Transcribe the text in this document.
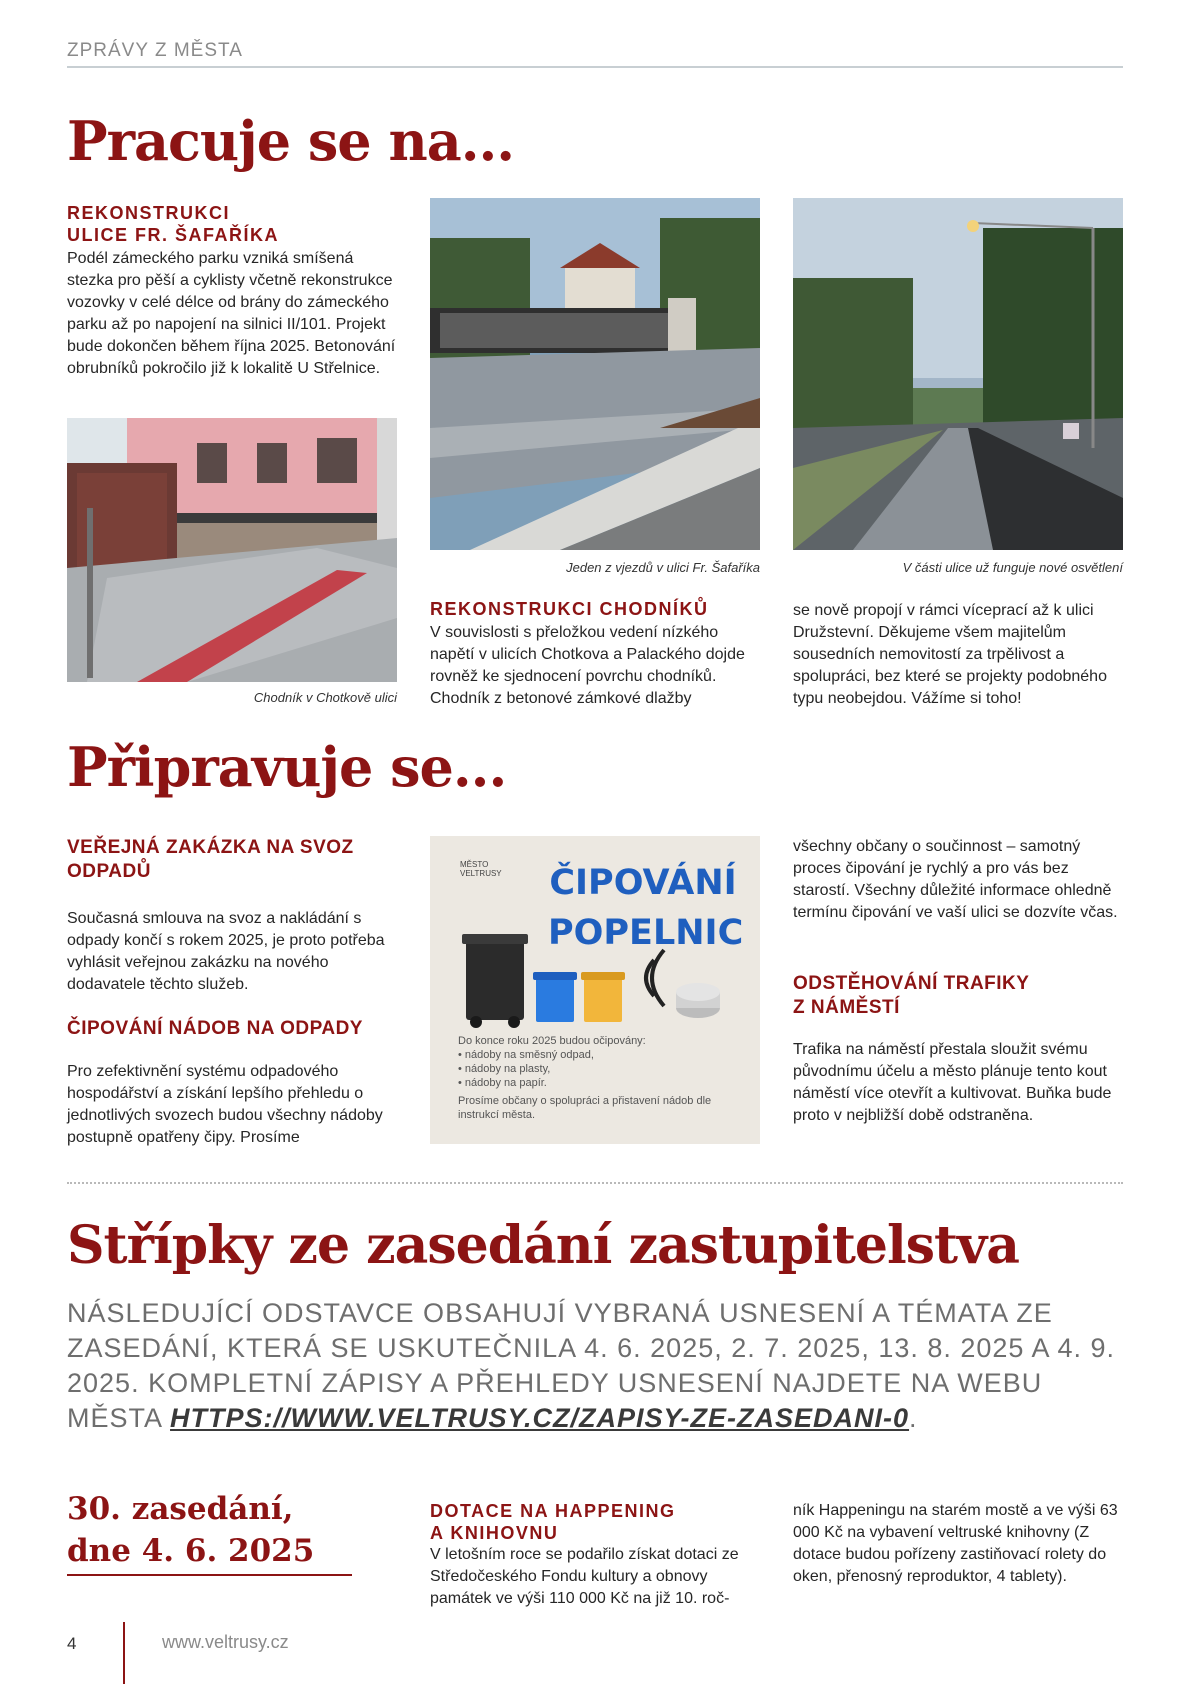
ZPRÁVY Z MĚSTA
Pracuje se na...
REKONSTRUKCI
ULICE FR. ŠAFAŘÍKA
Podél zámeckého parku vzniká smíšená stezka pro pěší a cyklisty včetně rekonstrukce vozovky v celé délce od brány do zámeckého parku až po napojení na silnici II/101. Projekt bude dokončen během října 2025. Betonování obrubníků pokročilo již k lokalitě U Střelnice.
Chodník v Chotkově ulici
Jeden z vjezdů v ulici Fr. Šafaříka	V části ulice už funguje nové osvětlení
REKONSTRUKCI CHODNÍKŮ
V souvislosti s přeložkou vedení nízkého napětí v ulicích Chotkova a Palackého dojde rovněž ke sjednocení povrchu chodníků. Chodník z betonové zámkové dlažby
se nově propojí v rámci víceprací až k ulici Družstevní. Děkujeme všem majitelům sousedních nemovitostí za trpělivost a spolupráci, bez které se projekty podobného typu neobejdou. Vážíme si toho!
Připravuje se...
VEŘEJNÁ ZAKÁZKA NA SVOZ
ODPADŮ
Současná smlouva na svoz a nakládání s odpady končí s rokem 2025, je proto potřeba vyhlásit veřejnou zakázku na nového dodavatele těchto služeb.
ČIPOVÁNÍ NÁDOB NA ODPADY
Pro zefektivnění systému odpadového hospodářství a získání lepšího přehledu o jednotlivých svozech budou všechny nádoby postupně opatřeny čipy. Prosíme
MĚSTO
VELTRUSY ČIPOVÁNÍ
POPELNIC
Do konce roku 2025 budou očipovány:
• nádoby na směsný odpad,
• nádoby na plasty,
• nádoby na papír.
Prosíme občany o spolupráci a přistavení nádob dle instrukcí města.
všechny občany o součinnost – samotný proces čipování je rychlý a pro vás bez starostí. Všechny důležité informace ohledně termínu čipování ve vaší ulici se dozvíte včas.
ODSTĚHOVÁNÍ TRAFIKY
Z NÁMĚSTÍ
Trafika na náměstí přestala sloužit svému původnímu účelu a město plánuje tento kout náměstí více otevřít a kultivovat. Buňka bude proto v nejbližší době odstraněna.
Střípky ze zasedání zastupitelstva
NÁSLEDUJÍCÍ ODSTAVCE OBSAHUJÍ VYBRANÁ USNESENÍ A TÉMATA ZE ZASEDÁNÍ, KTERÁ SE USKUTEČNILA 4. 6. 2025, 2. 7. 2025, 13. 8. 2025 A 4. 9. 2025. KOMPLETNÍ ZÁPISY A PŘEHLEDY USNESENÍ NAJDETE NA WEBU MĚSTA HTTPS://WWW.VELTRUSY.CZ/ZAPISY-ZE-ZASEDANI-0.
30. zasedání,
dne 4. 6. 2025
DOTACE NA HAPPENING
A KNIHOVNU
V letošním roce se podařilo získat dotaci ze Středočeského Fondu kultury a obnovy památek ve výši 110 000 Kč na již 10. roč-
ník Happeningu na starém mostě a ve výši 63 000 Kč na vybavení veltruské knihovny (Z dotace budou pořízeny zastiňovací rolety do oken, přenosný reproduktor, 4 tablety).
4	www.veltrusy.cz
